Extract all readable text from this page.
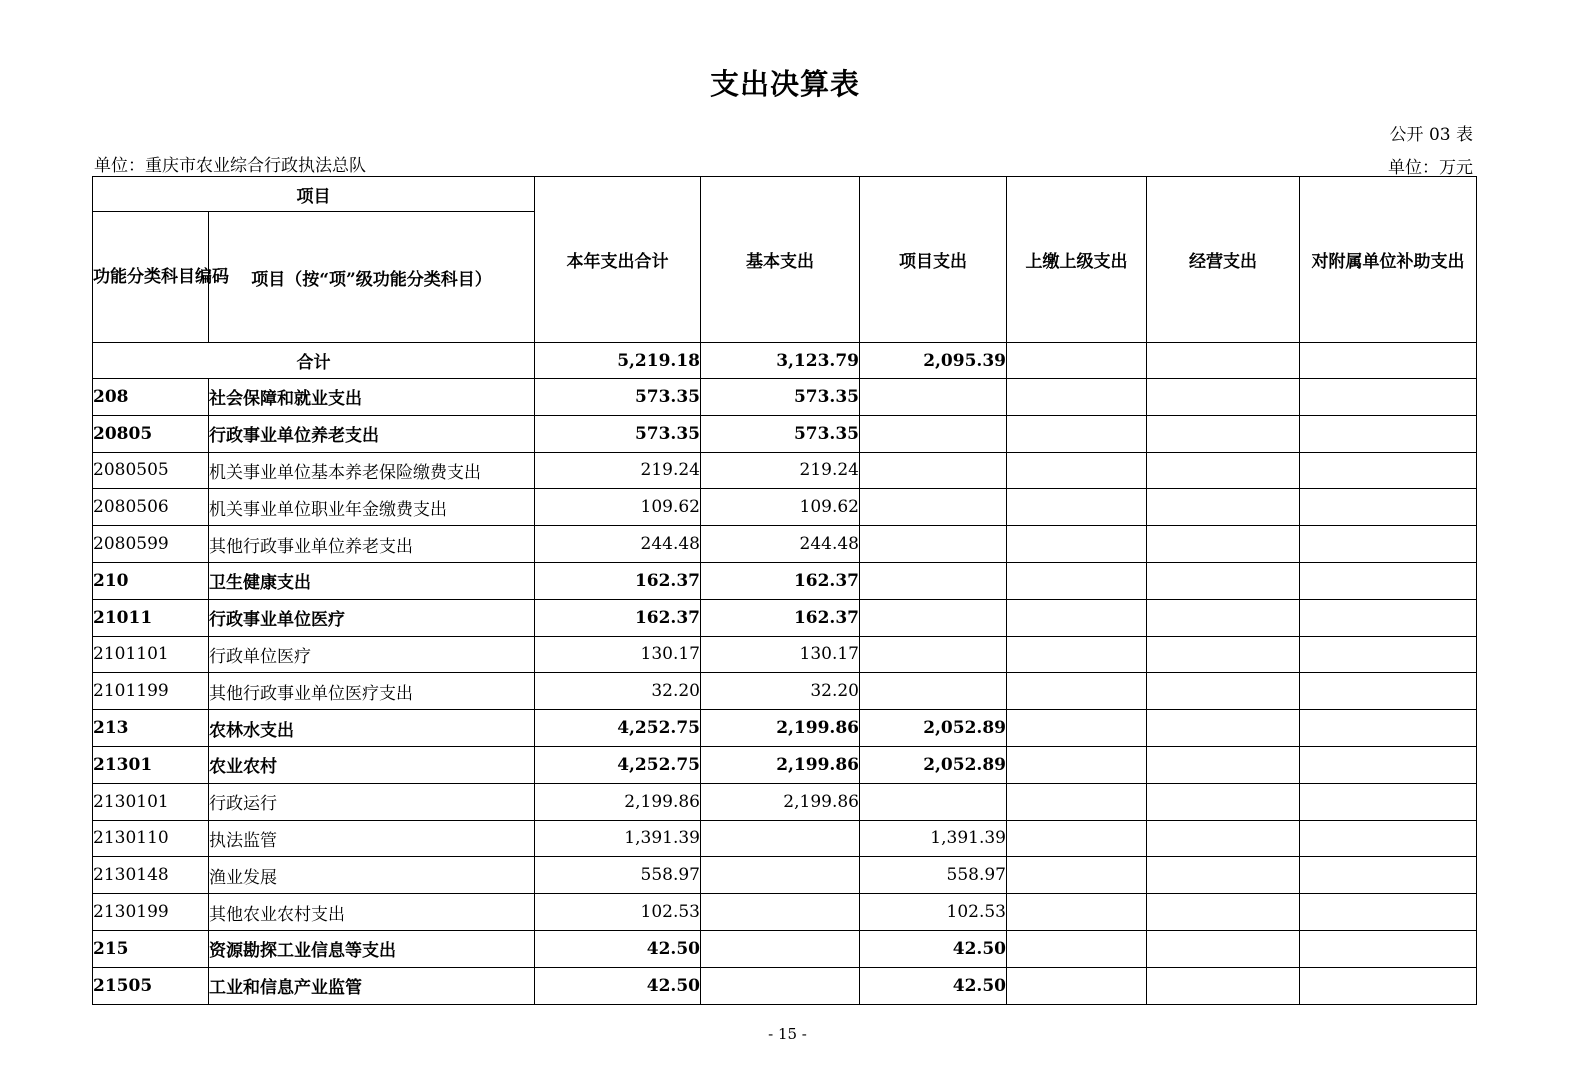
支出决算表
公开 03 表
单位：重庆市农业综合行政执法总队	单位：万元
项目		本年支出合计	基本支出	项目支出	上缴上级支出	经营支出	对附属单位补助支出
功能分类科目编码	项目（按“项”级功能分类科目）						
合计		5,219.18	3,123.79	2,095.39			
208	社会保障和就业支出	573.35	573.35				
20805	行政事业单位养老支出	573.35	573.35				
2080505	机关事业单位基本养老保险缴费支出	219.24	219.24				
2080506	机关事业单位职业年金缴费支出	109.62	109.62				
2080599	其他行政事业单位养老支出	244.48	244.48				
210	卫生健康支出	162.37	162.37				
21011	行政事业单位医疗	162.37	162.37				
2101101	行政单位医疗	130.17	130.17				
2101199	其他行政事业单位医疗支出	32.20	32.20				
213	农林水支出	4,252.75	2,199.86	2,052.89			
21301	农业农村	4,252.75	2,199.86	2,052.89			
2130101	行政运行	2,199.86	2,199.86				
2130110	执法监管	1,391.39		1,391.39			
2130148	渔业发展	558.97		558.97			
2130199	其他农业农村支出	102.53		102.53			
215	资源勘探工业信息等支出	42.50		42.50			
21505	工业和信息产业监管	42.50		42.50			
- 15 -
